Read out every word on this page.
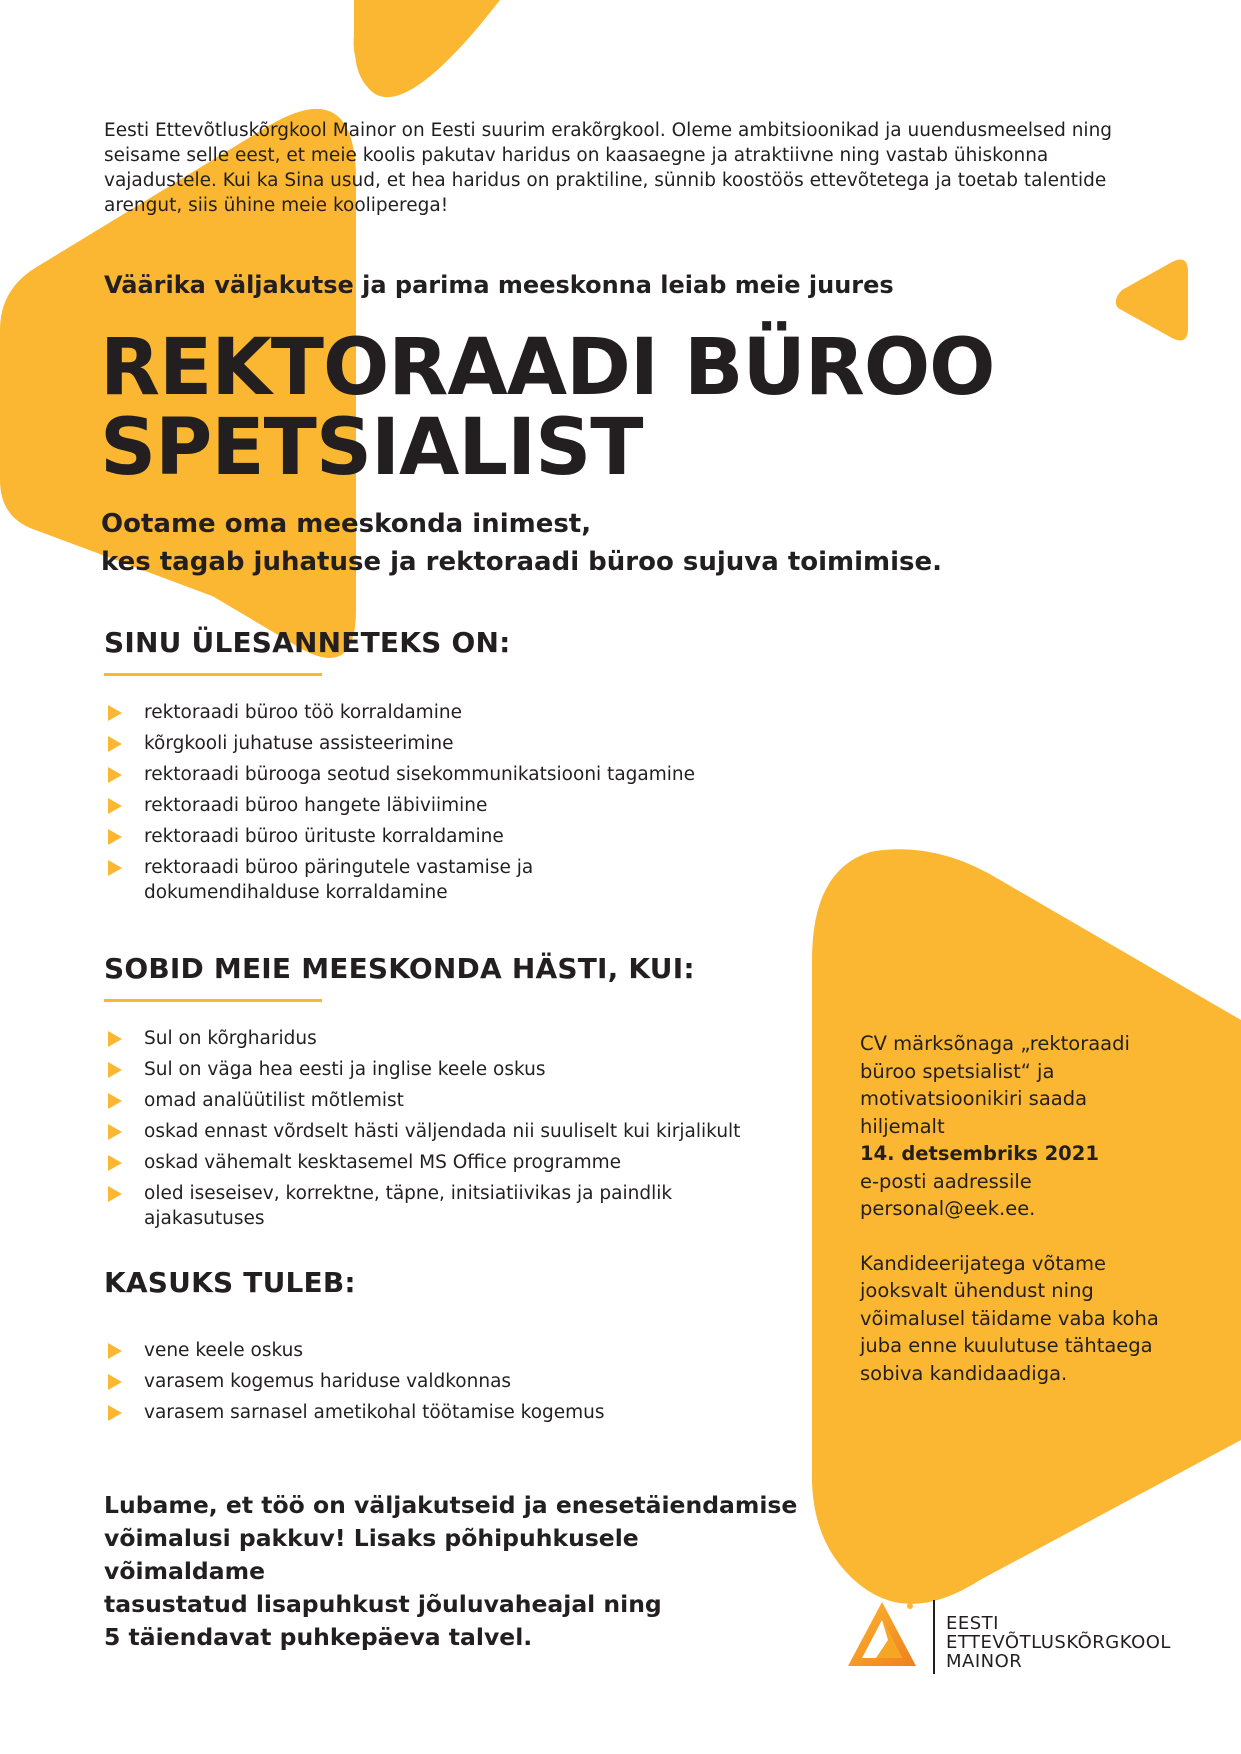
Eesti Ettevõtluskõrgkool Mainor on Eesti suurim erakõrgkool. Oleme ambitsioonikad ja uuendusmeelsed ning seisame selle eest, et meie koolis pakutav haridus on kaasaegne ja atraktiivne ning vastab ühiskonna vajadustele. Kui ka Sina usud, et hea haridus on praktiline, sünnib koostöös ettevõtetega ja toetab talentide arengut, siis ühine meie kooliperega!

Väärika väljakutse ja parima meeskonna leiab meie juures

REKTORAADI BÜROO
SPETSIALIST

Ootame oma meeskonda inimest,
kes tagab juhatuse ja rektoraadi büroo sujuva toimimise.

SINU ÜLESANNETEKS ON:
rektoraadi büroo töö korraldamine
kõrgkooli juhatuse assisteerimine
rektoraadi bürooga seotud sisekommunikatsiooni tagamine
rektoraadi büroo hangete läbiviimine
rektoraadi büroo ürituste korraldamine
rektoraadi büroo päringutele vastamise ja dokumendihalduse korraldamine
SOBID MEIE MEESKONDA HÄSTI, KUI:
Sul on kõrgharidus
Sul on väga hea eesti ja inglise keele oskus
omad analüütilist mõtlemist
oskad ennast võrdselt hästi väljendada nii suuliselt kui kirjalikult
oskad vähemalt kesktasemel MS Office programme
oled iseseisev, korrektne, täpne, initsiatiivikas ja paindlik ajakasutuses
KASUKS TULEB:
vene keele oskus
varasem kogemus hariduse valdkonnas
varasem sarnasel ametikohal töötamise kogemus

Lubame, et töö on väljakutseid ja enesetäiendamise
võimalusi pakkuv! Lisaks põhipuhkusele võimaldame
tasustatud lisapuhkust jõuluvaheajal ning
5 täiendavat puhkepäeva talvel.

CV märksõnaga „rektoraadi

büroo spetsialist“ ja

motivatsioonikiri saada

hiljemalt

14. detsembriks 2021

e-posti aadressile

personal@eek.ee.

Kandideerijatega võtame

jooksvalt ühendust ning

võimalusel täidame vaba koha

juba enne kuulutuse tähtaega

sobiva kandidaadiga.

EESTI
ETTEVÕTLUSKÕRGKOOL
MAINOR
